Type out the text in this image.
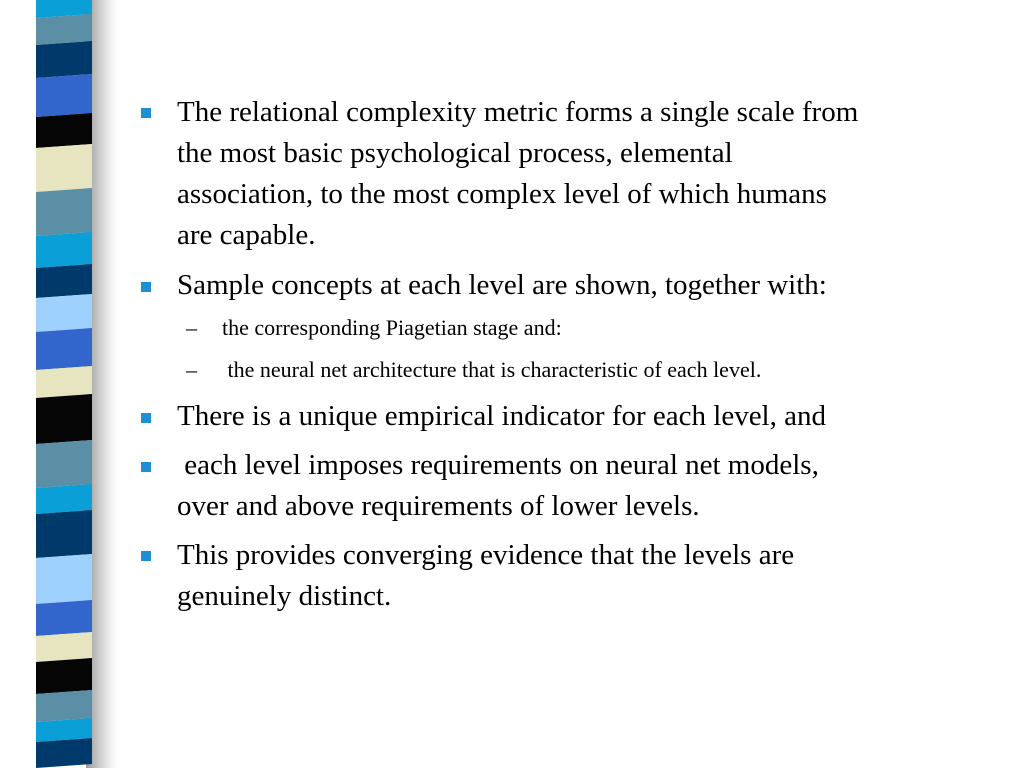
The relational complexity metric forms a single scale from

the most basic psychological process, elemental

association, to the most complex level of which humans

are capable.

Sample concepts at each level are shown, together with:

– the corresponding Piagetian stage and:

– the neural net architecture that is characteristic of each level.

There is a unique empirical indicator for each level, and

each level imposes requirements on neural net models,

over and above requirements of lower levels.

This provides converging evidence that the levels are

genuinely distinct.
